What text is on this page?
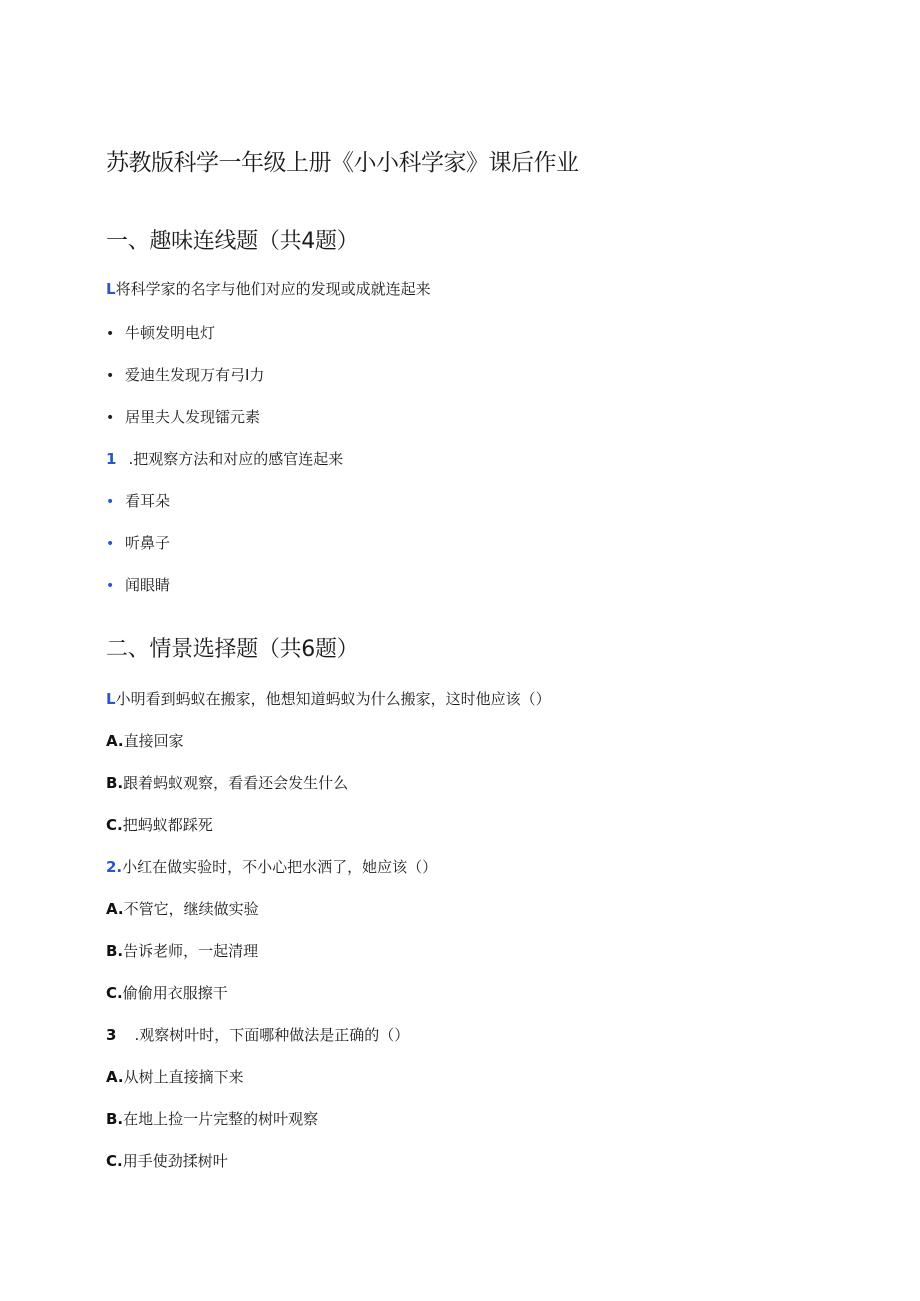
苏教版科学一年级上册《小小科学家》课后作业
一、趣味连线题（共4题）
L将科学家的名字与他们对应的发现或成就连起来
• 牛顿发明电灯
• 爱迪生发现万有弓I力
• 居里夫人发现镭元素
1 .把观察方法和对应的感官连起来
• 看耳朵
• 听鼻子
• 闻眼睛
二、情景选择题（共6题）
L小明看到蚂蚁在搬家，他想知道蚂蚁为什么搬家，这时他应该（）
A.直接回家
B.跟着蚂蚁观察，看看还会发生什么
C.把蚂蚁都踩死
2.小红在做实验时，不小心把水洒了，她应该（）
A.不管它，继续做实验
B.告诉老师，一起清理
C.偷偷用衣服擦干
3 .观察树叶时，下面哪种做法是正确的（）
A.从树上直接摘下来
B.在地上捡一片完整的树叶观察
C.用手使劲揉树叶
